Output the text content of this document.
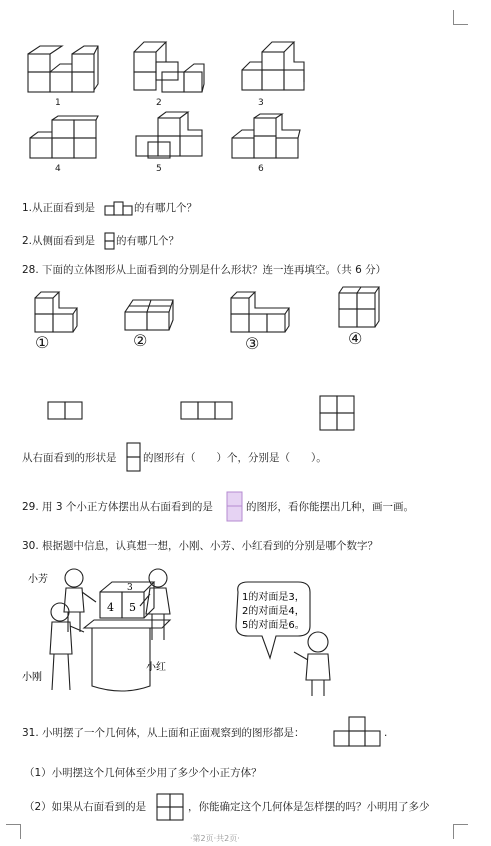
1	2	3
4	5	6
1.从正面看到是	的有哪几个？
2.从侧面看到是 的有哪几个？
28. 下面的立体图形从上面看到的分别是什么形状？连一连再填空。（共 6 分）
①	②	③	④
从右面看到的形状是	的图形有（　　）个，分别是（　　）。
29. 用 3 个小正方体摆出从右面看到的是	的图形，看你能摆出几种，画一画。
30. 根据题中信息，认真想一想，小刚、小芳、小红看到的分别是哪个数字？
4 5
3
1的对面是3，
2的对面是4，
5的对面是6。
小芳
小红
小刚
31. 小明摆了一个几何体，从上面和正面观察到的图形都是：	.
（1）小明摆这个几何体至少用了多少个小正方体？
（2）如果从右面看到的是	，你能确定这个几何体是怎样摆的吗？小明用了多少
·第2页·共2页·
